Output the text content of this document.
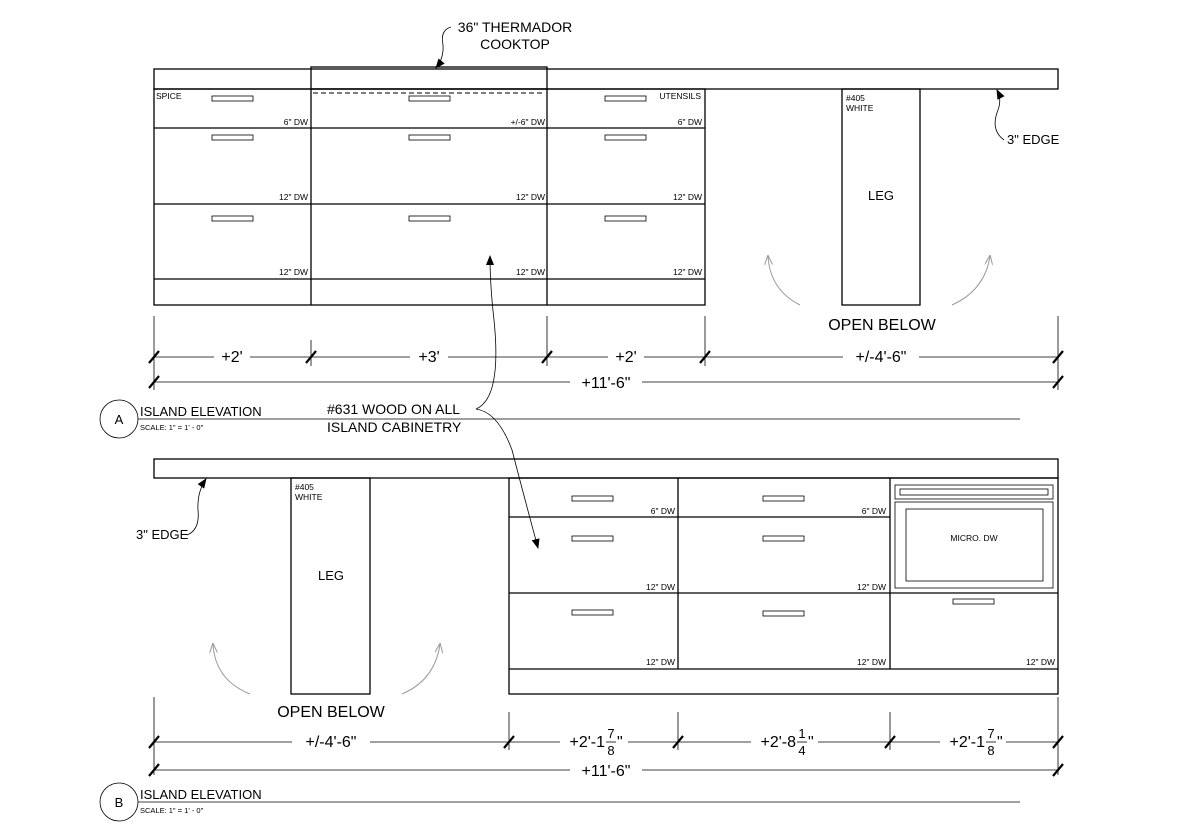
SPICE	UTENSILS
6" DW	+/-6" DW	6" DW
12" DW	12" DW	12" DW
12" DW	12" DW	12" DW
#405
WHITE
LEG
OPEN BELOW
36" THERMADOR
COOKTOP
3" EDGE
+2'	+3'	+2'	+/-4'-6"
+11'-6"
A
ISLAND ELEVATION
SCALE: 1" = 1' - 0"
#631 WOOD ON ALL
ISLAND CABINETRY
#405
WHITE
LEG
3" EDGE
OPEN BELOW
MICRO. DW
6" DW	6" DW
12" DW	12" DW
12" DW	12" DW	12" DW
+/-4'-6"	+2'-1
7
8 "	+2'-8
1
4 "	+2'-1
7
8 "
+11'-6"
B
ISLAND ELEVATION
SCALE: 1" = 1' - 0"
